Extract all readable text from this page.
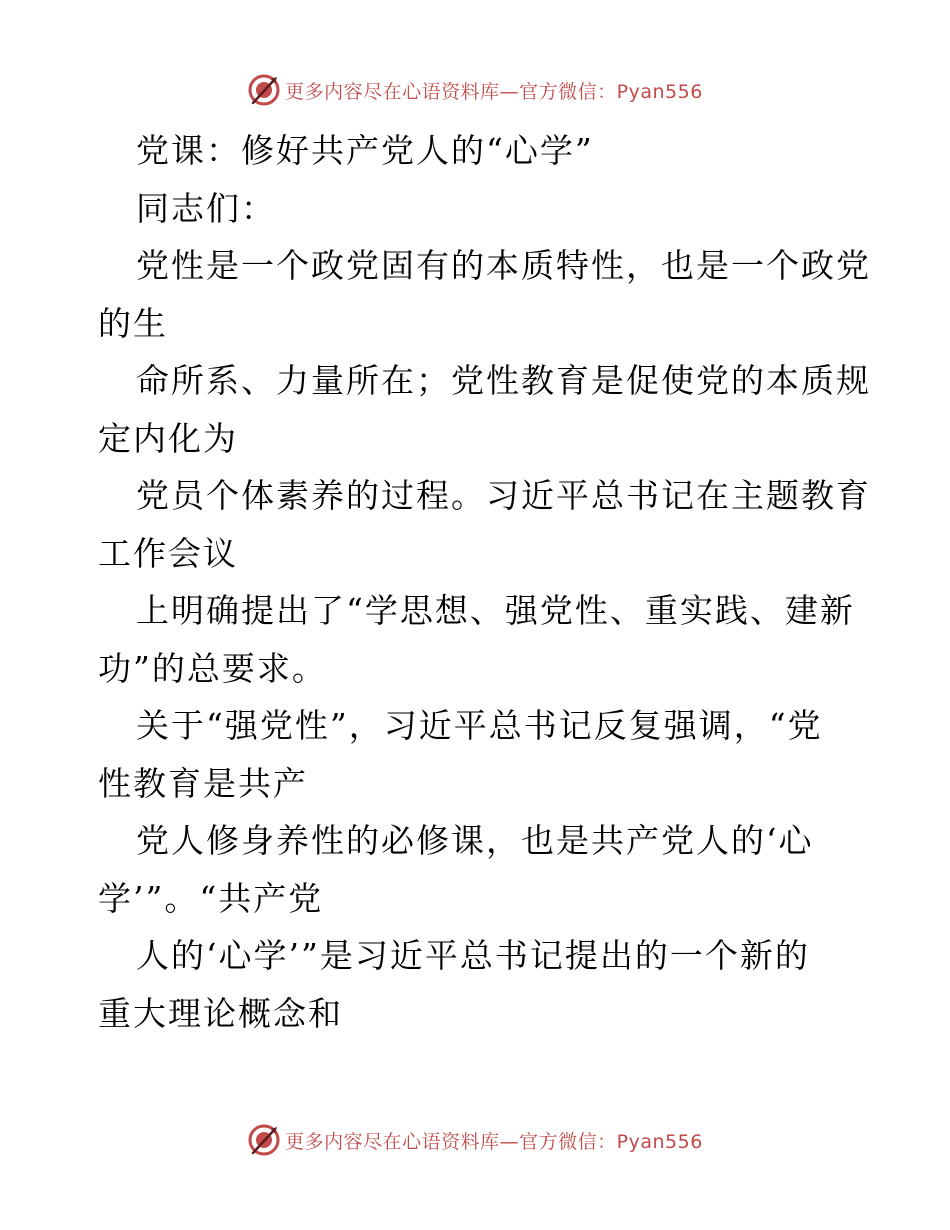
更多内容尽在心语资料库—官方微信：Pyan556
党课：修好共产党人的“心学”
同志们：
党性是一个政党固有的本质特性，也是一个政党
的生
命所系、力量所在；党性教育是促使党的本质规
定内化为
党员个体素养的过程。习近平总书记在主题教育
工作会议
上明确提出了“学思想、强党性、重实践、建新
功”的总要求。
关于“强党性”，习近平总书记反复强调，“党
性教育是共产
党人修身养性的必修课，也是共产党人的‘心
学’”。“共产党
人的‘心学’”是习近平总书记提出的一个新的
重大理论概念和
更多内容尽在心语资料库—官方微信：Pyan556
